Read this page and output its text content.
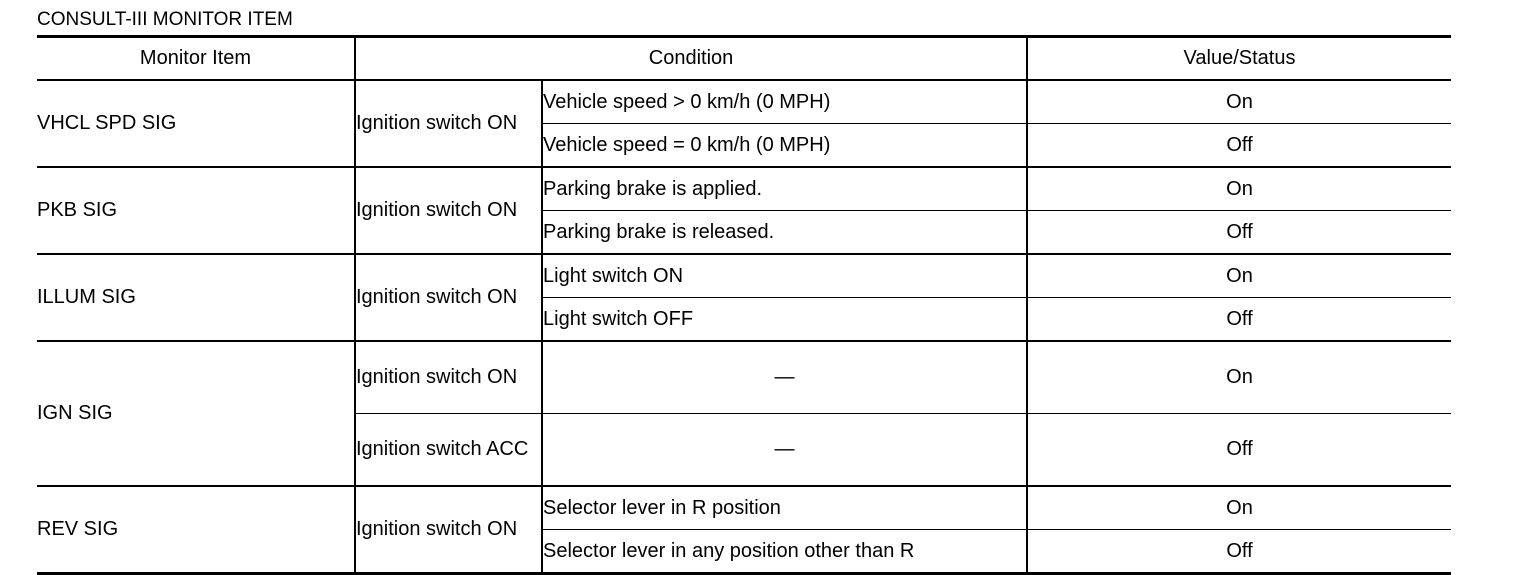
CONSULT-III MONITOR ITEM
Monitor Item	Condition		Value/Status
VHCL SPD SIG	Ignition switch ON	Vehicle speed > 0 km/h (0 MPH)	On
		Vehicle speed = 0 km/h (0 MPH)	Off
PKB SIG	Ignition switch ON	Parking brake is applied.	On
		Parking brake is released.	Off
ILLUM SIG	Ignition switch ON	Light switch ON	On
		Light switch OFF	Off
IGN SIG	Ignition switch ON	—	On
	Ignition switch ACC	—	Off
REV SIG	Ignition switch ON	Selector lever in R position	On
		Selector lever in any position other than R	Off
